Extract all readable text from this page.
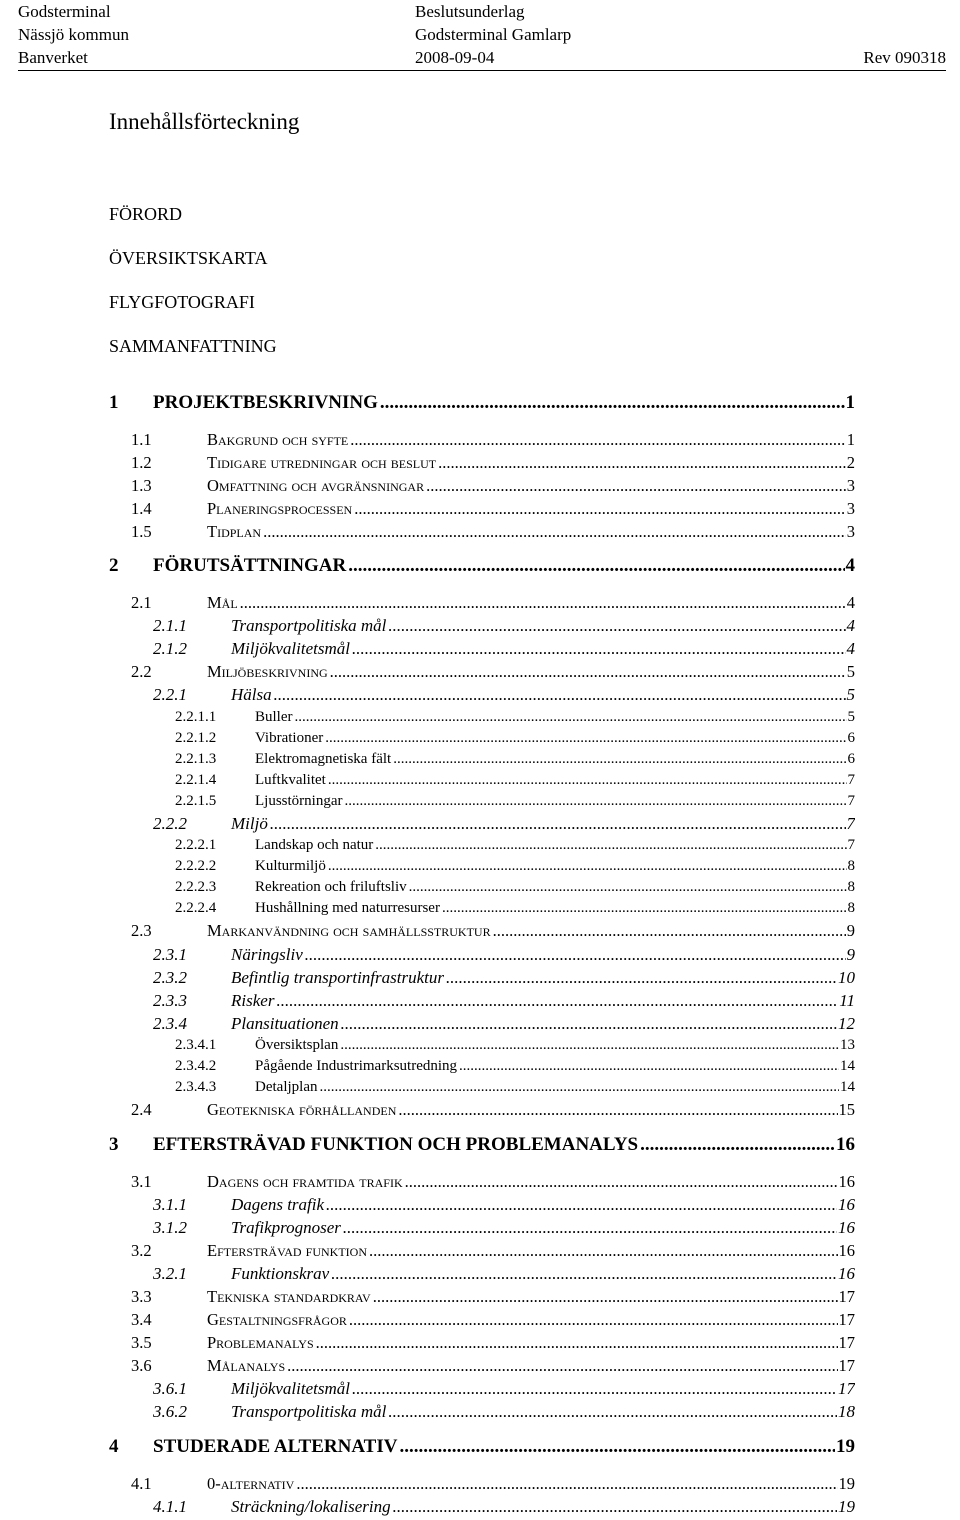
Godsterminal	Beslutsunderlag
Nässjö kommun	Godsterminal Gamlarp
Banverket	2008-09-04	Rev 090318
Innehållsförteckning
FÖRORD
ÖVERSIKTSKARTA
FLYGFOTOGRAFI
SAMMANFATTNING
1	PROJEKTBESKRIVNING .....	1
1.1	Bakgrund och syfte .....	1
1.2	Tidigare utredningar och beslut .....	2
1.3	Omfattning och avgränsningar .....	3
1.4	Planeringsprocessen .....	3
1.5	Tidplan .....	3
2	FÖRUTSÄTTNINGAR .....	4
2.1	Mål .....	4
2.1.1	Transportpolitiska mål .....	4
2.1.2	Miljökvalitetsmål .....	4
2.2	Miljöbeskrivning .....	5
2.2.1	Hälsa .....	5
2.2.1.1	Buller .....	5
2.2.1.2	Vibrationer .....	6
2.2.1.3	Elektromagnetiska fält .....	6
2.2.1.4	Luftkvalitet .....	7
2.2.1.5	Ljusstörningar .....	7
2.2.2	Miljö .....	7
2.2.2.1	Landskap och natur .....	7
2.2.2.2	Kulturmiljö .....	8
2.2.2.3	Rekreation och friluftsliv .....	8
2.2.2.4	Hushållning med naturresurser .....	8
2.3	Markanvändning och samhällsstruktur .....	9
2.3.1	Näringsliv .....	9
2.3.2	Befintlig transportinfrastruktur .....	10
2.3.3	Risker .....	11
2.3.4	Plansituationen .....	12
2.3.4.1	Översiktsplan .....	13
2.3.4.2	Pågående Industrimarksutredning .....	14
2.3.4.3	Detaljplan .....	14
2.4	Geotekniska förhållanden .....	15
3	EFTERSTRÄVAD FUNKTION OCH PROBLEMANALYS .....	16
3.1	Dagens och framtida trafik .....	16
3.1.1	Dagens trafik .....	16
3.1.2	Trafikprognoser .....	16
3.2	Eftersträvad funktion .....	16
3.2.1	Funktionskrav .....	16
3.3	Tekniska standardkrav .....	17
3.4	Gestaltningsfrågor .....	17
3.5	Problemanalys .....	17
3.6	Målanalys .....	17
3.6.1	Miljökvalitetsmål .....	17
3.6.2	Transportpolitiska mål .....	18
4	STUDERADE ALTERNATIV .....	19
4.1	0-alternativ .....	19
4.1.1	Sträckning/lokalisering .....	19
